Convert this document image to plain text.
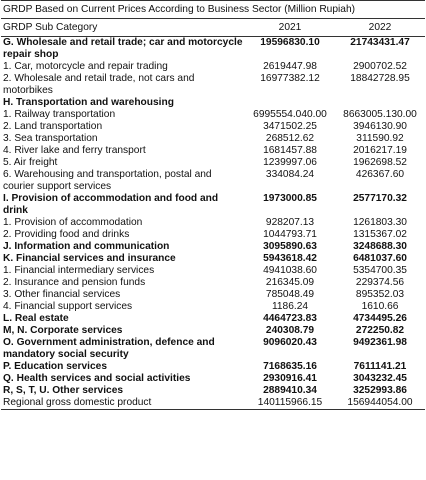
GRDP Based on Current Prices According to Business Sector (Million Rupiah)
GRDP Sub Category	2021	2022
G. Wholesale and retail trade; car and motorcycle repair shop	19596830.10	21743431.47
1. Car, motorcycle and repair trading	2619447.98	2900702.52
2. Wholesale and retail trade, not cars and motorbikes	16977382.12	18842728.95
H. Transportation and warehousing		
1. Railway transportation	6995554.040.00	8663005.130.00
2. Land transportation	3471502.25	3946130.90
3. Sea transportation	268512.62	311590.92
4. River lake and ferry transport	1681457.88	2016217.19
5. Air freight	1239997.06	1962698.52
6. Warehousing and transportation, postal and courier support services	334084.24	426367.60
I. Provision of accommodation and food and drink	1973000.85	2577170.32
1. Provision of accommodation	928207.13	1261803.30
2. Providing food and drinks	1044793.71	1315367.02
J. Information and communication	3095890.63	3248688.30
K. Financial services and insurance	5943618.42	6481037.60
1. Financial intermediary services	4941038.60	5354700.35
2. Insurance and pension funds	216345.09	229374.56
3. Other financial services	785048.49	895352.03
4. Financial support services	1186.24	1610.66
L. Real estate	4464723.83	4734495.26
M, N. Corporate services	240308.79	272250.82
O. Government administration, defence and mandatory social security	9096020.43	9492361.98
P. Education services	7168635.16	7611141.21
Q. Health services and social activities	2930916.41	3043232.45
R, S, T, U. Other services	2889410.34	3252993.86
Regional gross domestic product	140115966.15	156944054.00
